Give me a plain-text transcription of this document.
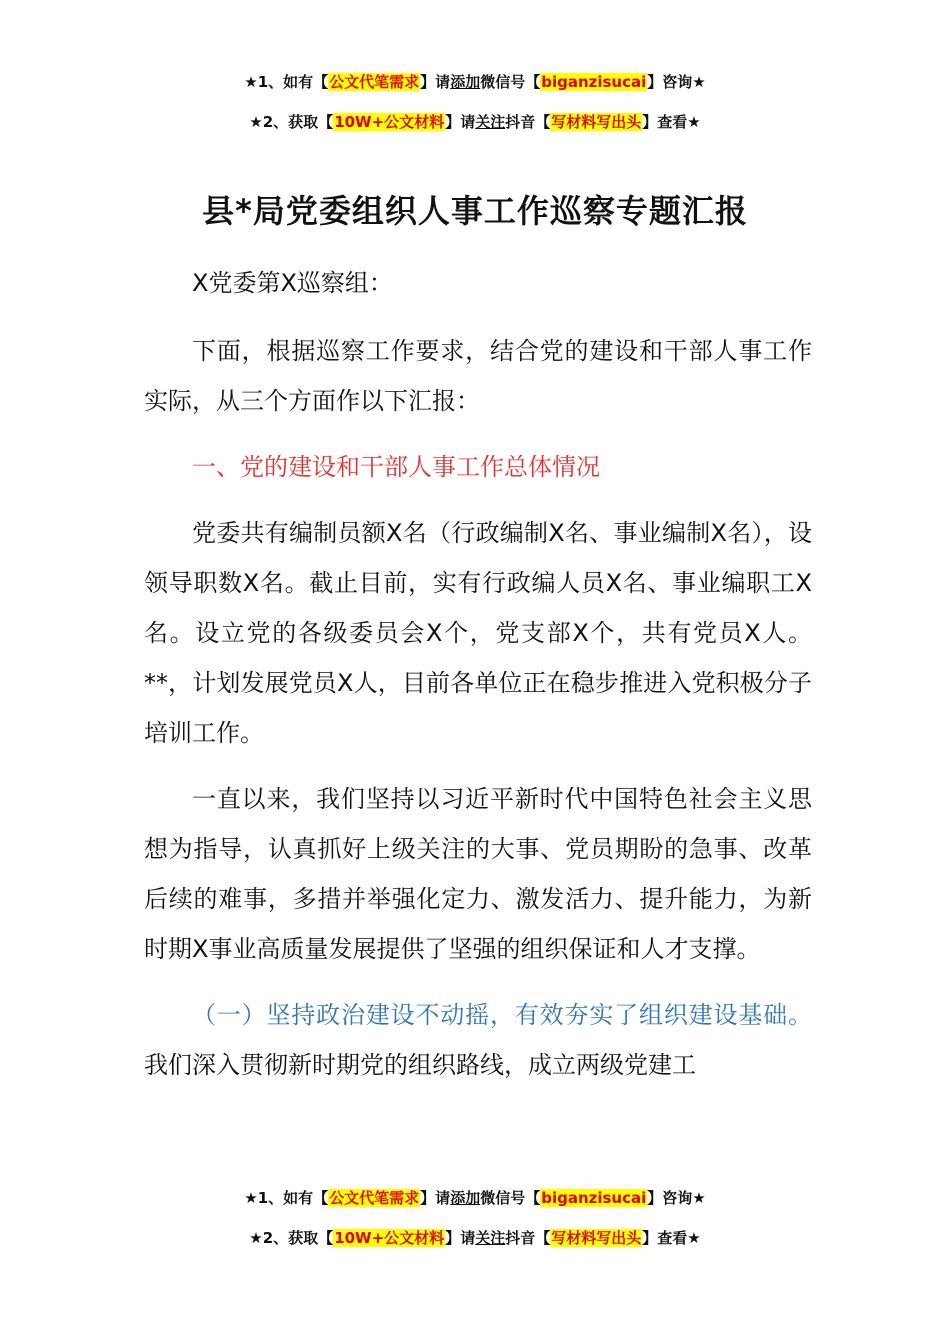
★1、如有【公文代笔需求】请添加微信号【biganzisucai】咨询★
★2、获取【10W+公文材料】请关注抖音【写材料写出头】查看★
县*局党委组织人事工作巡察专题汇报

X党委第X巡察组：

下面，根据巡察工作要求，结合党的建设和干部人事工作实际，从三个方面作以下汇报：

一、党的建设和干部人事工作总体情况

党委共有编制员额X名（行政编制X名、事业编制X名），设领导职数X名。截止目前，实有行政编人员X名、事业编职工X名。设立党的各级委员会X个，党支部X个，共有党员X人。**，计划发展党员X人，目前各单位正在稳步推进入党积极分子培训工作。

一直以来，我们坚持以习近平新时代中国特色社会主义思想为指导，认真抓好上级关注的大事、党员期盼的急事、改革后续的难事，多措并举强化定力、激发活力、提升能力，为新时期X事业高质量发展提供了坚强的组织保证和人才支撑。

（一）坚持政治建设不动摇，有效夯实了组织建设基础。我们深入贯彻新时期党的组织路线，成立两级党建工

★1、如有【公文代笔需求】请添加微信号【biganzisucai】咨询★
★2、获取【10W+公文材料】请关注抖音【写材料写出头】查看★
